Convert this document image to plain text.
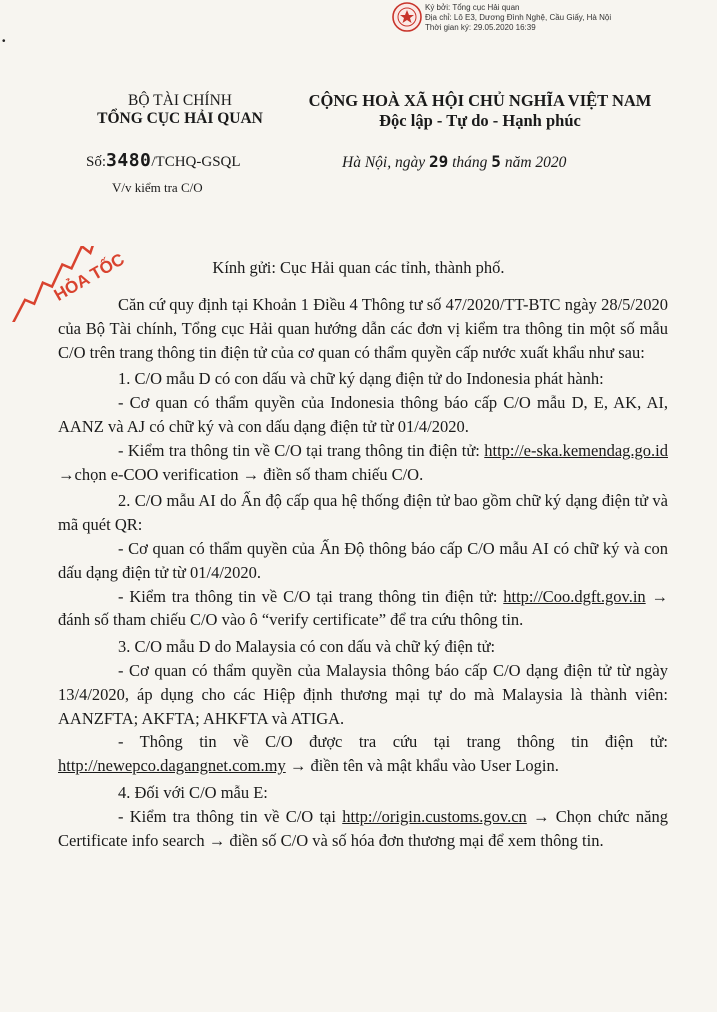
Ký bởi: Tổng cục Hải quan
Địa chỉ: Lô E3, Dương Đình Nghệ, Cầu Giấy, Hà Nội
Thời gian ký: 29.05.2020 16:39
•
BỘ TÀI CHÍNH
TỔNG CỤC HẢI QUAN
CỘNG HOÀ XÃ HỘI CHỦ NGHĨA VIỆT NAM
Độc lập - Tự do - Hạnh phúc
Số:3480/TCHQ-GSQL
V/v kiểm tra C/O
Hà Nội, ngày 29 tháng 5 năm 2020
HỎA TỐC	Kính gửi: Cục Hải quan các tỉnh, thành phố.

Căn cứ quy định tại Khoản 1 Điều 4 Thông tư số 47/2020/TT-BTC ngày 28/5/2020 của Bộ Tài chính, Tổng cục Hải quan hướng dẫn các đơn vị kiểm tra thông tin một số mẫu C/O trên trang thông tin điện tử của cơ quan có thẩm quyền cấp nước xuất khẩu như sau:

1. C/O mẫu D có con dấu và chữ ký dạng điện tử do Indonesia phát hành:

- Cơ quan có thẩm quyền của Indonesia thông báo cấp C/O mẫu D, E, AK, AI, AANZ và AJ có chữ ký và con dấu dạng điện tử từ 01/4/2020.

- Kiểm tra thông tin về C/O tại trang thông tin điện tử: http://e-ska.kemendag.go.id →chọn e-COO verification → điền số tham chiếu C/O.

2. C/O mẫu AI do Ấn độ cấp qua hệ thống điện tử bao gồm chữ ký dạng điện tử và mã quét QR:

- Cơ quan có thẩm quyền của Ấn Độ thông báo cấp C/O mẫu AI có chữ ký và con dấu dạng điện tử từ 01/4/2020.

- Kiểm tra thông tin về C/O tại trang thông tin điện tử: http://Coo.dgft.gov.in → đánh số tham chiếu C/O vào ô “verify certificate” để tra cứu thông tin.

3. C/O mẫu D do Malaysia có con dấu và chữ ký điện tử:

- Cơ quan có thẩm quyền của Malaysia thông báo cấp C/O dạng điện tử từ ngày 13/4/2020, áp dụng cho các Hiệp định thương mại tự do mà Malaysia là thành viên: AANZFTA; AKFTA; AHKFTA và ATIGA.

- Thông tin về C/O được tra cứu tại trang thông tin điện tử: http://newepco.dagangnet.com.my → điền tên và mật khẩu vào User Login.

4. Đối với C/O mẫu E:

- Kiểm tra thông tin về C/O tại http://origin.customs.gov.cn → Chọn chức năng Certificate info search → điền số C/O và số hóa đơn thương mại để xem thông tin.
